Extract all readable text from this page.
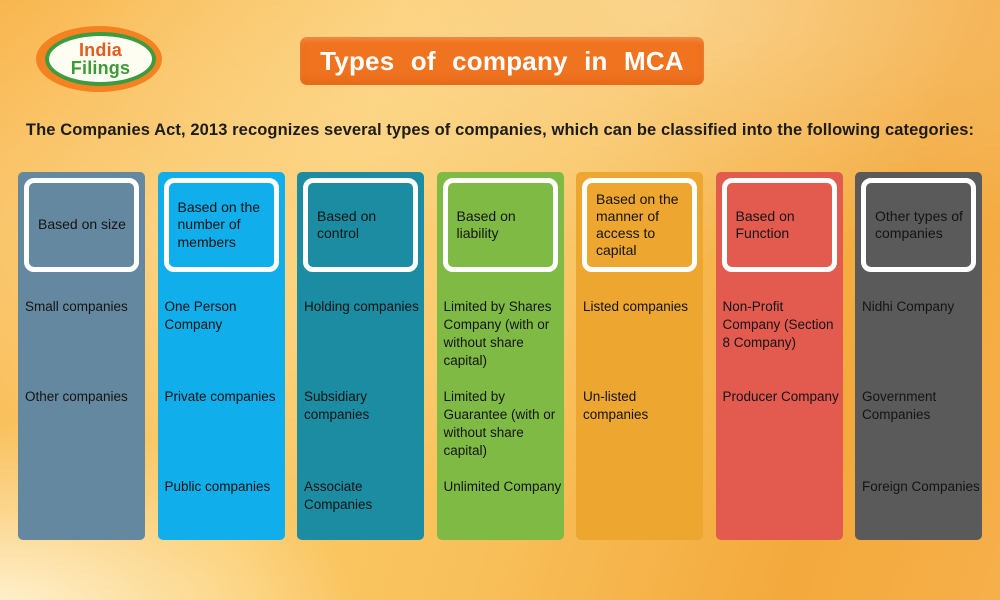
India
Filings	Types of company in MCA
The Companies Act, 2013 recognizes several types of companies, which can be classified into the following categories:
Based on size
Small companies
Other companies
Based on the number of members
One Person Company
Private companies
Public companies
Based on control
Holding companies
Subsidiary companies
Associate Companies
Based on liability
Limited by Shares Company (with or without share capital)
Limited by Guarantee (with or without share capital)
Unlimited Company
Based on the manner of access to capital
Listed companies
Un-listed companies
Based on Function
Non-Profit Company (Section 8 Company)
Producer Company
Other types of companies
Nidhi Company
Government Companies
Foreign Companies
